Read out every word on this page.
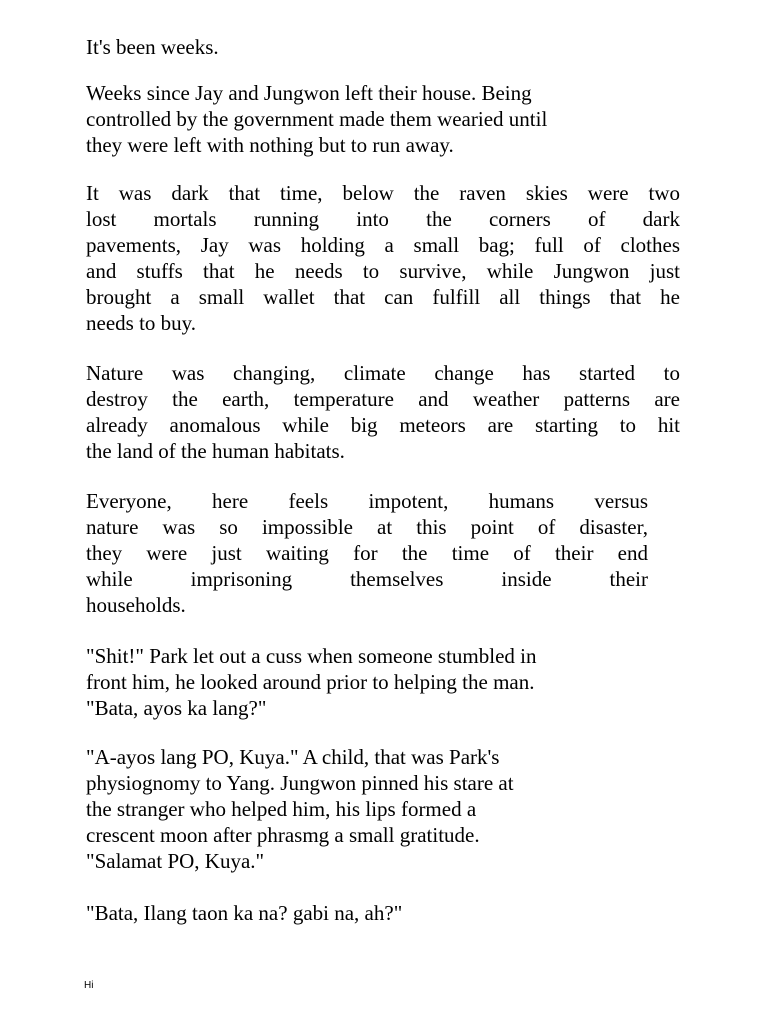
It's been weeks.

Weeks since Jay and Jungwon left their house. Being
controlled by the government made them wearied until
they were left with nothing but to run away.

It was dark that time, below the raven skies were two
lost mortals running into the corners of dark
pavements, Jay was holding a small bag; full of clothes
and stuffs that he needs to survive, while Jungwon just
brought a small wallet that can fulfill all things that he
needs to buy.

Nature was changing, climate change has started to
destroy the earth, temperature and weather patterns are
already anomalous while big meteors are starting to hit
the land of the human habitats.

Everyone, here feels impotent, humans versus
nature was so impossible at this point of disaster,
they were just waiting for the time of their end
while imprisoning themselves inside their
households.

"Shit!" Park let out a cuss when someone stumbled in
front him, he looked around prior to helping the man.
"Bata, ayos ka lang?"

"A-ayos lang PO, Kuya." A child, that was Park's
physiognomy to Yang. Jungwon pinned his stare at
the stranger who helped him, his lips formed a
crescent moon after phrasmg a small gratitude.
"Salamat PO, Kuya."

"Bata, Ilang taon ka na? gabi na, ah?"

Hi
